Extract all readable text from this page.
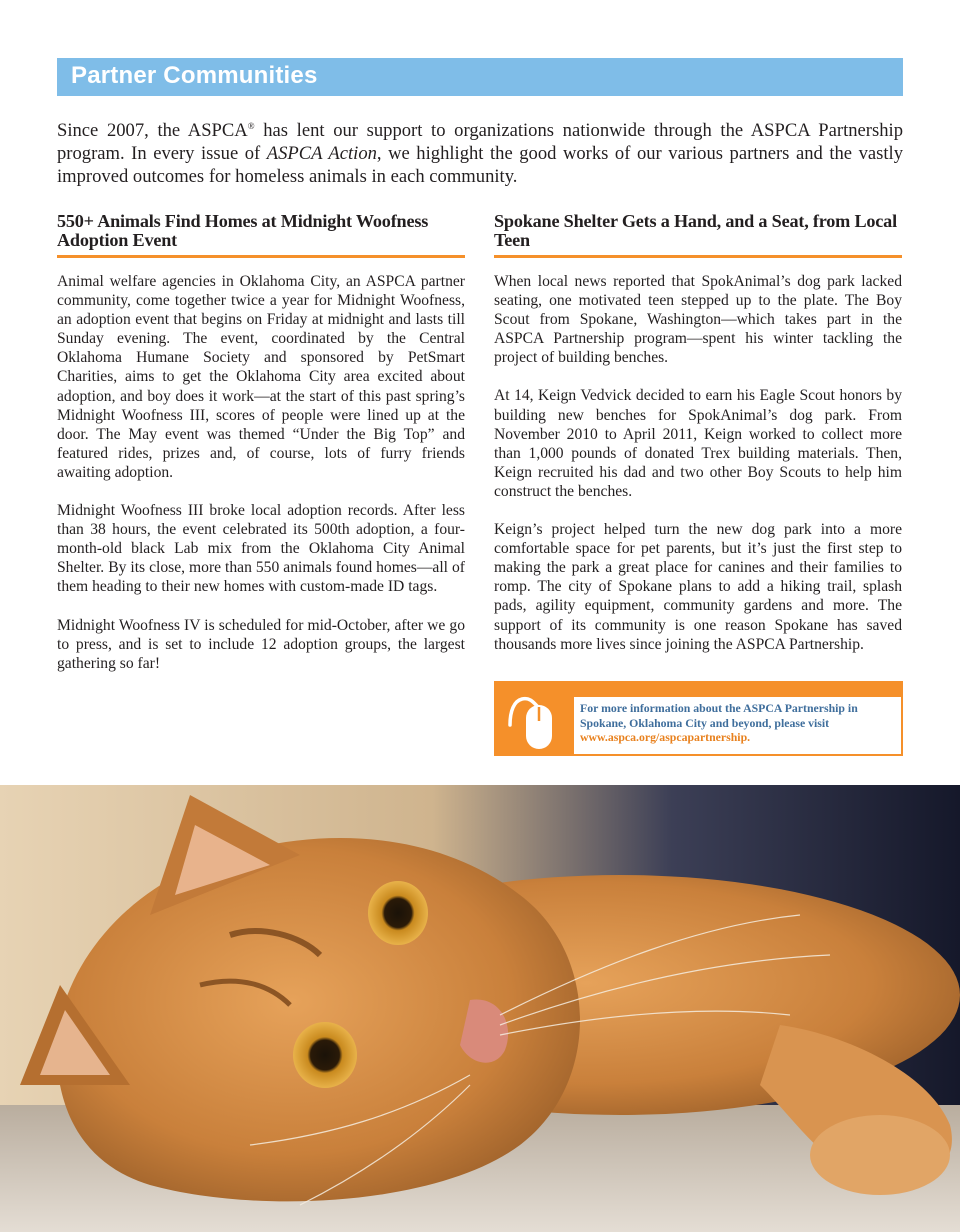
Partner Communities

Since 2007, the ASPCA® has lent our support to organizations nationwide through the ASPCA Partnership program. In every issue of ASPCA Action, we highlight the good works of our various partners and the vastly improved outcomes for homeless animals in each community.

550+ Animals Find Homes at Midnight Woofness Adoption Event

Animal welfare agencies in Oklahoma City, an ASPCA partner community, come together twice a year for Midnight Woofness, an adoption event that begins on Friday at midnight and lasts till Sunday evening. The event, coordinated by the Central Oklahoma Humane Society and sponsored by PetSmart Charities, aims to get the Oklahoma City area excited about adoption, and boy does it work—at the start of this past spring’s Midnight Woofness III, scores of people were lined up at the door. The May event was themed “Under the Big Top” and featured rides, prizes and, of course, lots of furry friends awaiting adoption.

Midnight Woofness III broke local adoption records. After less than 38 hours, the event celebrated its 500th adoption, a four-month-old black Lab mix from the Oklahoma City Animal Shelter. By its close, more than 550 animals found homes—all of them heading to their new homes with custom-made ID tags.

Midnight Woofness IV is scheduled for mid-October, after we go to press, and is set to include 12 adoption groups, the largest gathering so far!

Spokane Shelter Gets a Hand, and a Seat, from Local Teen

When local news reported that SpokAnimal’s dog park lacked seating, one motivated teen stepped up to the plate. The Boy Scout from Spokane, Washington—which takes part in the ASPCA Partnership program—spent his winter tackling the project of building benches.

At 14, Keign Vedvick decided to earn his Eagle Scout honors by building new benches for SpokAnimal’s dog park. From November 2010 to April 2011, Keign worked to collect more than 1,000 pounds of donated Trex building materials. Then, Keign recruited his dad and two other Boy Scouts to help him construct the benches.

Keign’s project helped turn the new dog park into a more comfortable space for pet parents, but it’s just the first step to making the park a great place for canines and their families to romp. The city of Spokane plans to add a hiking trail, splash pads, agility equipment, community gardens and more. The support of its community is one reason Spokane has saved thousands more lives since joining the ASPCA Partnership.

For more information about the ASPCA Partnership in Spokane, Oklahoma City and beyond, please visit www.aspca.org/aspcapartnership.
